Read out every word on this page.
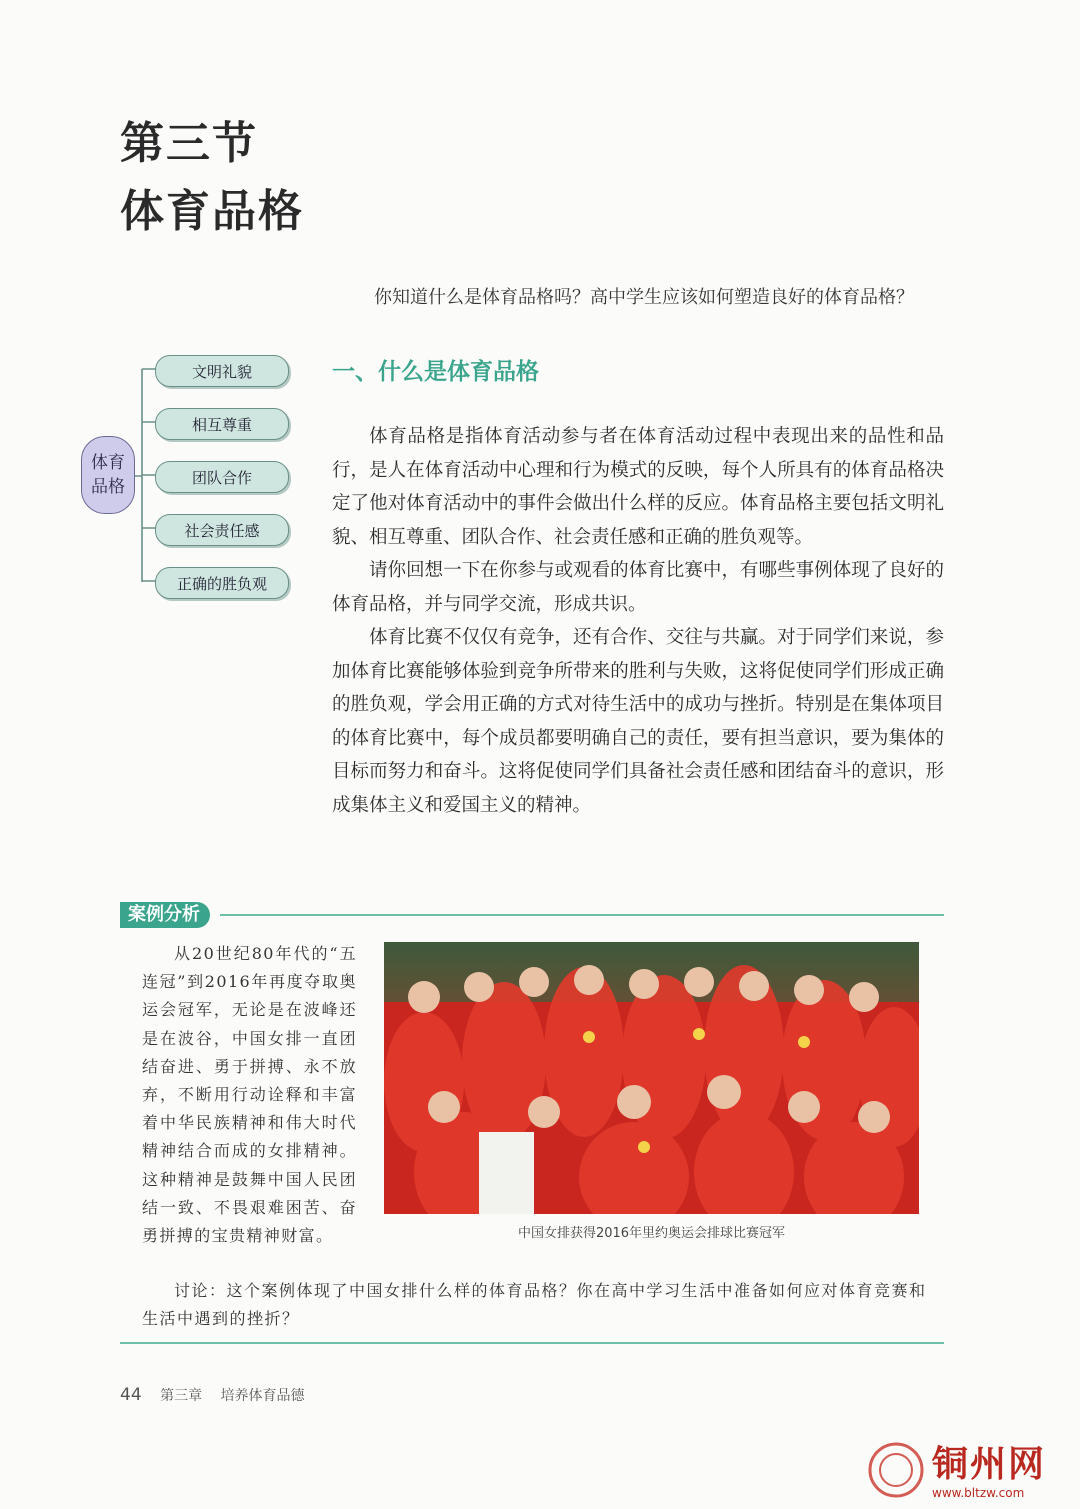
第三节
体育品格
你知道什么是体育品格吗？高中学生应该如何塑造良好的体育品格？
体育品格
文明礼貌
相互尊重
团队合作
社会责任感
正确的胜负观
一、什么是体育品格

体育品格是指体育活动参与者在体育活动过程中表现出来的品性和品行，是人在体育活动中心理和行为模式的反映，每个人所具有的体育品格决定了他对体育活动中的事件会做出什么样的反应。体育品格主要包括文明礼貌、相互尊重、团队合作、社会责任感和正确的胜负观等。

请你回想一下在你参与或观看的体育比赛中，有哪些事例体现了良好的体育品格，并与同学交流，形成共识。

体育比赛不仅仅有竞争，还有合作、交往与共赢。对于同学们来说，参加体育比赛能够体验到竞争所带来的胜利与失败，这将促使同学们形成正确的胜负观，学会用正确的方式对待生活中的成功与挫折。特别是在集体项目的体育比赛中，每个成员都要明确自己的责任，要有担当意识，要为集体的目标而努力和奋斗。这将促使同学们具备社会责任感和团结奋斗的意识，形成集体主义和爱国主义的精神。

案例分析

从20世纪80年代的“五连冠”到2016年再度夺取奥运会冠军，无论是在波峰还是在波谷，中国女排一直团结奋进、勇于拼搏、永不放弃，不断用行动诠释和丰富着中华民族精神和伟大时代精神结合而成的女排精神。这种精神是鼓舞中国人民团结一致、不畏艰难困苦、奋勇拼搏的宝贵精神财富。	中国女排获得2016年里约奥运会排球比赛冠军

讨论：这个案例体现了中国女排什么样的体育品格？你在高中学习生活中准备如何应对体育竞赛和生活中遇到的挫折？

44 第三章 培养体育品德
铜州网
www.bltzw.com
